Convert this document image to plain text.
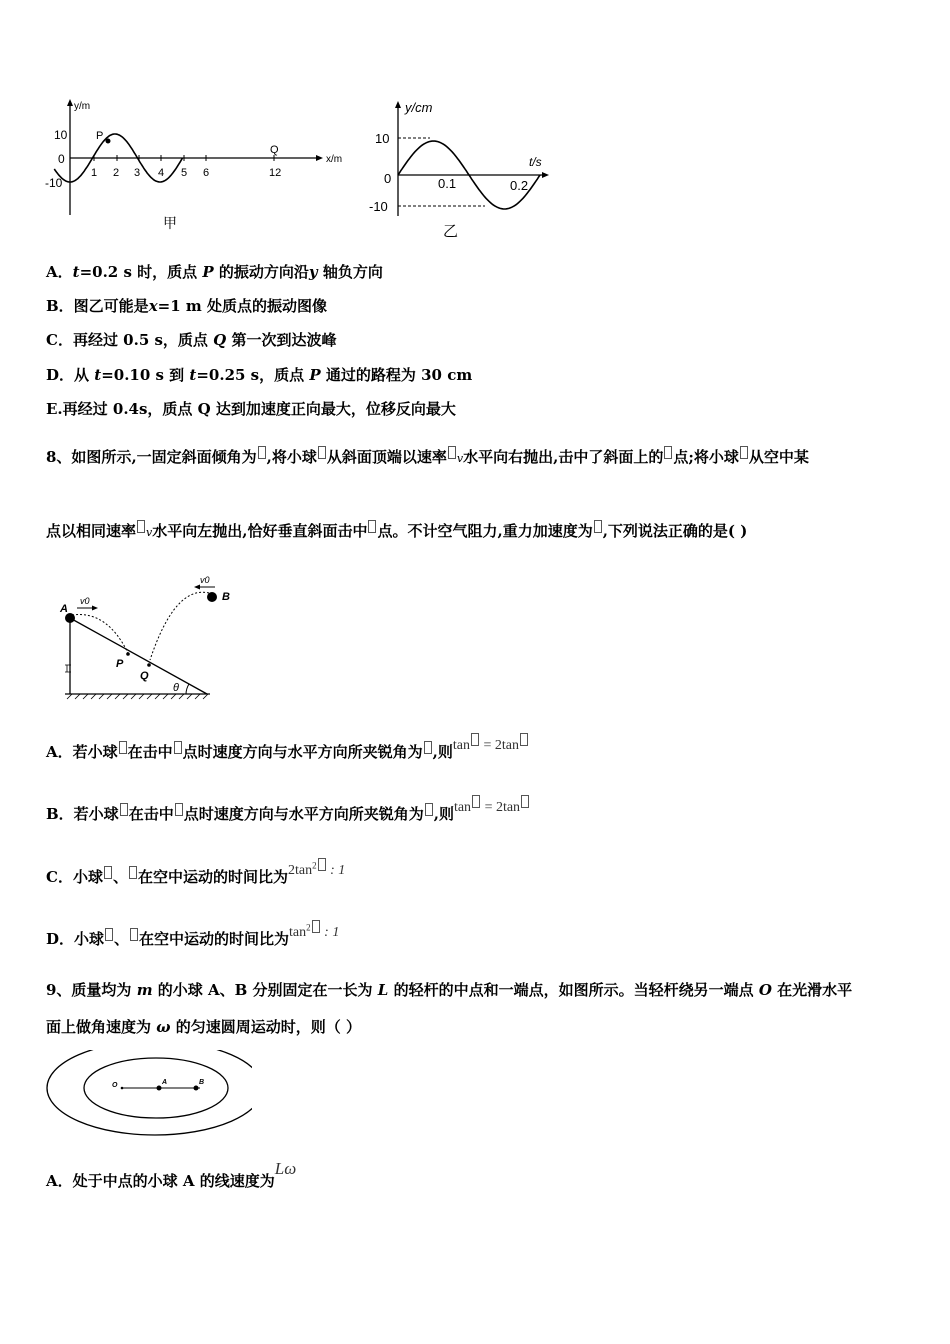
y/m
x/m
10
0
-10
1 2 3 4 5 6	12
P
Q
甲
y/cm
t/s
10
0
-10
0.1	0.2
乙
A．t=0.2 s 时，质点 P 的振动方向沿y 轴负方向
B．图乙可能是x=1 m 处质点的振动图像
C．再经过 0.5 s，质点 Q 第一次到达波峰
D．从 t=0.10 s 到 t=0.25 s，质点 P 通过的路程为 30 cm
E.再经过 0.4s，质点 Q 达到加速度正向最大，位移反向最大
8、如图所示,一固定斜面倾角为 ,将小球 从斜面顶端以速率 v水平向右抛出,击中了斜面上的 点;将小球 从空中某
点以相同速率 v水平向左抛出,恰好垂直斜面击中 点。不计空气阻力,重力加速度为 ,下列说法正确的是( )
A
B
P
Q
v0
v0
θ
A．若小球 在击中 点时速度方向与水平方向所夹锐角为 ,则tan = 2tan
B．若小球 在击中 点时速度方向与水平方向所夹锐角为 ,则tan = 2tan
C．小球 、 在空中运动的时间比为$2\tan^2$ : 1
D．小球 、 在空中运动的时间比为$\tan^2$ : 1
9、质量均为 m 的小球 A、B 分别固定在一长为 L 的轻杆的中点和一端点，如图所示。当轻杆绕另一端点 O 在光滑水平
面上做角速度为 ω 的匀速圆周运动时，则（ ）
O	A	B
A．处于中点的小球 A 的线速度为Lω
